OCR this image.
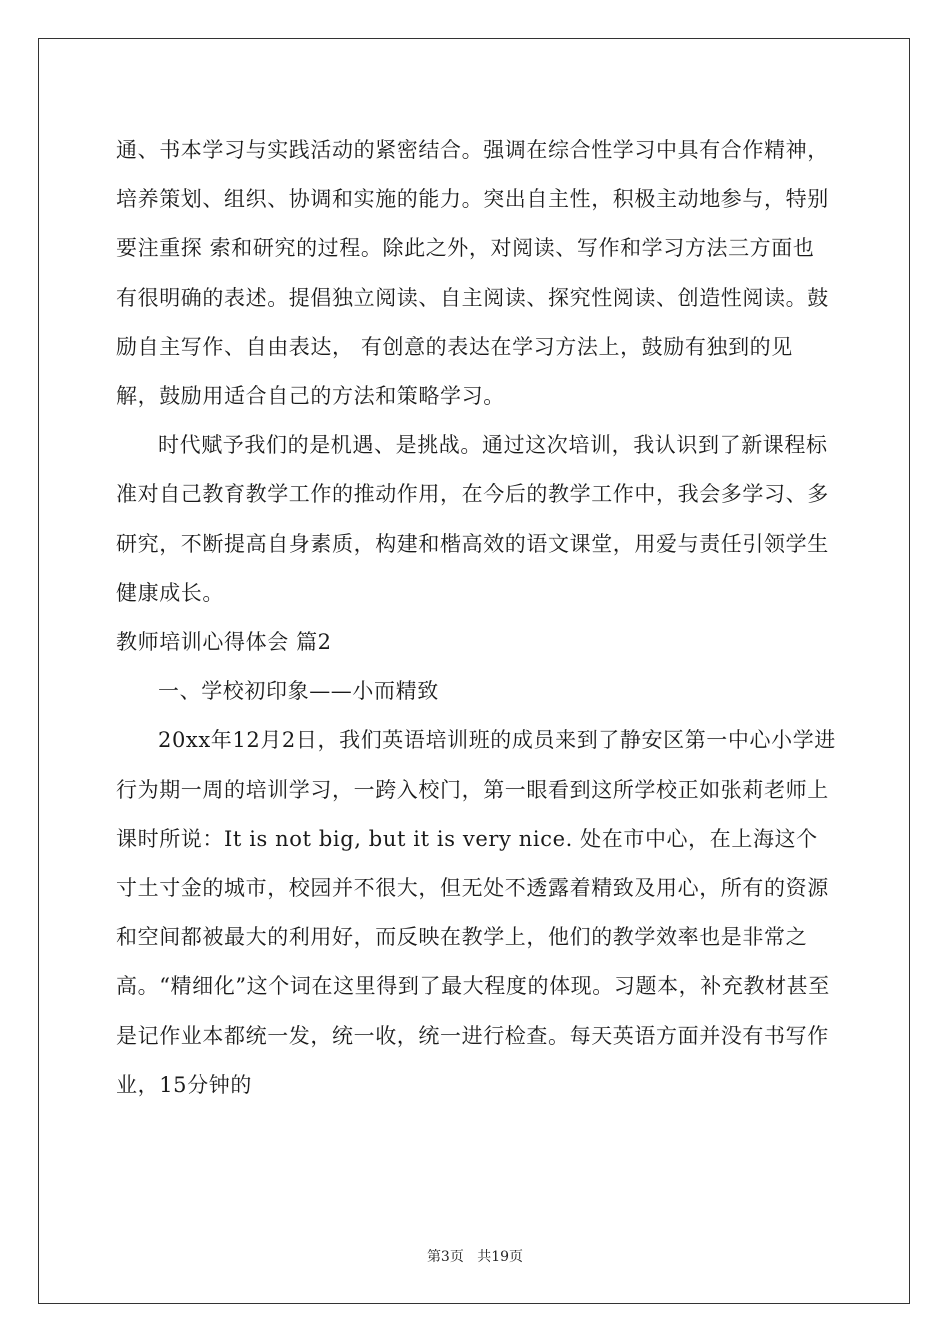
通、书本学习与实践活动的紧密结合。强调在综合性学习中具有合作精神，培养策划、组织、协调和实施的能力。突出自主性，积极主动地参与，特别要注重探 索和研究的过程。除此之外，对阅读、写作和学习方法三方面也有很明确的表述。提倡独立阅读、自主阅读、探究性阅读、创造性阅读。鼓励自主写作、自由表达， 有创意的表达在学习方法上，鼓励有独到的见解，鼓励用适合自己的方法和策略学习。

时代赋予我们的是机遇、是挑战。通过这次培训，我认识到了新课程标准对自己教育教学工作的推动作用，在今后的教学工作中，我会多学习、多研究，不断提高自身素质，构建和楷高效的语文课堂，用爱与责任引领学生健康成长。

教师培训心得体会 篇2

一、学校初印象——小而精致

20xx年12月2日，我们英语培训班的成员来到了静安区第一中心小学进行为期一周的培训学习，一跨入校门，第一眼看到这所学校正如张莉老师上课时所说：It is not big, but it is very nice. 处在市中心，在上海这个寸土寸金的城市，校园并不很大，但无处不透露着精致及用心，所有的资源和空间都被最大的利用好，而反映在教学上，他们的教学效率也是非常之高。“精细化”这个词在这里得到了最大程度的体现。习题本，补充教材甚至是记作业本都统一发，统一收，统一进行检查。每天英语方面并没有书写作业，15分钟的

第3页 共19页
